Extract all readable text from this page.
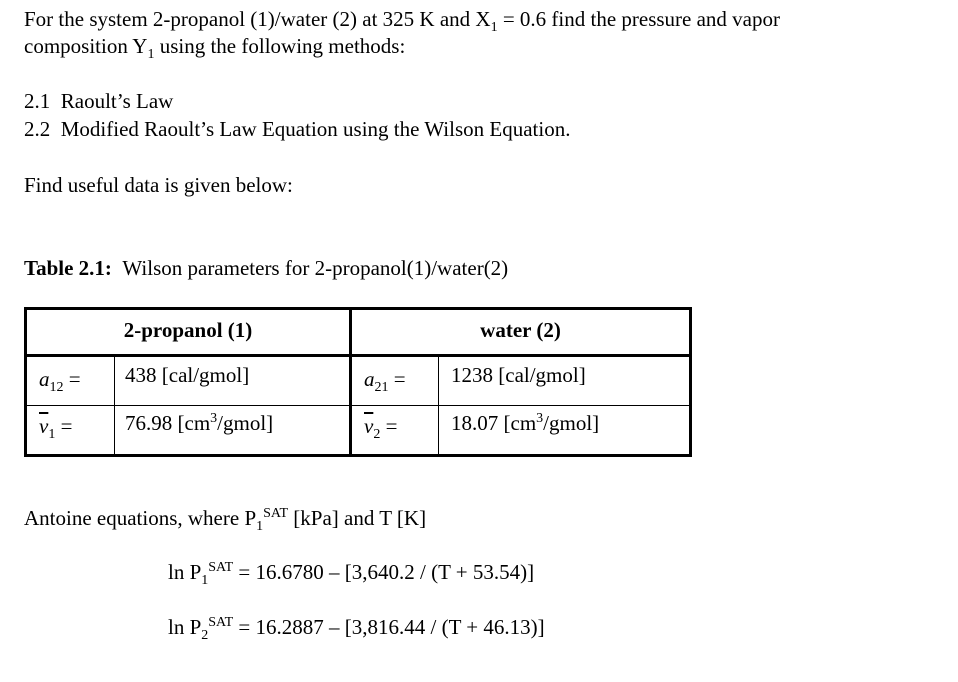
For the system 2-propanol (1)/water (2) at 325 K and $X_1 = 0.6$ find the pressure and vapor
composition $Y_1$ using the following methods:
2.1 Raoult’s Law
2.2 Modified Raoult’s Law Equation using the Wilson Equation.
Find useful data is given below:
Table 2.1: Wilson parameters for 2-propanol(1)/water(2)
2-propanol (1)	water (2)
$a_{12} = 438$ [cal/gmol]	$a_{21} = 1238$ [cal/gmol]
$\overline{v}_1$ =	76.98 $[cm^3/gmol]$	$\overline{v}_2$ =	18.07 $[cm^3/gmol]$
Antoine equations, where $P_1^{SAT}$ [kPa] and T [K]
$\ln P_1^{SAT} = 16.6780 - [3,640.2 / (T + 53.54)]$
$\ln P_2^{SAT} = 16.2887 - [3,816.44 / (T + 46.13)]$
